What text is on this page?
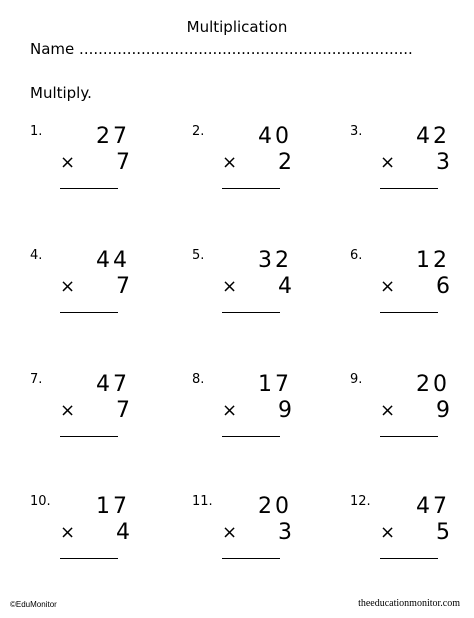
Multiplication
Name ......................................................................
Multiply.
1. 27
× 7
2. 40
× 2
3. 42
× 3
4. 44
× 7
5. 32
× 4
6. 12
× 6
7. 47
× 7
8. 17
× 9
9. 20
× 9
10. 17
× 4
11. 20
× 3
12. 47
× 5
©EduMonitor	theeducationmonitor.com
